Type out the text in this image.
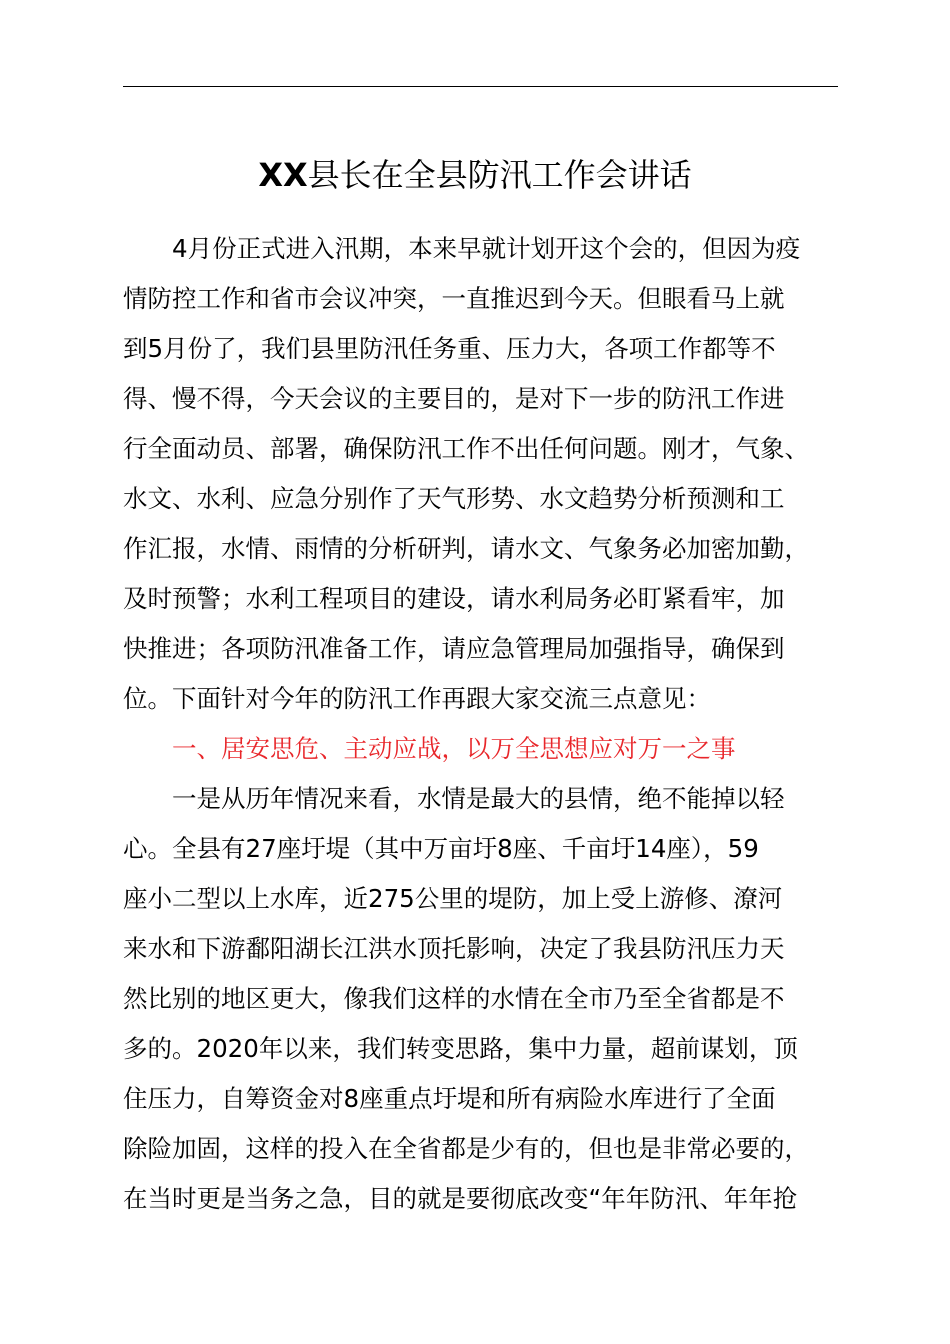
XX县长在全县防汛工作会讲话
4月份正式进入汛期，本来早就计划开这个会的，但因为疫
情防控工作和省市会议冲突，一直推迟到今天。但眼看马上就
到5月份了，我们县里防汛任务重、压力大，各项工作都等不
得、慢不得，今天会议的主要目的，是对下一步的防汛工作进
行全面动员、部署，确保防汛工作不出任何问题。刚才，气象、
水文、水利、应急分别作了天气形势、水文趋势分析预测和工
作汇报，水情、雨情的分析研判，请水文、气象务必加密加勤，
及时预警；水利工程项目的建设，请水利局务必盯紧看牢，加
快推进；各项防汛准备工作，请应急管理局加强指导，确保到
位。下面针对今年的防汛工作再跟大家交流三点意见：
一、居安思危、主动应战，以万全思想应对万一之事
一是从历年情况来看，水情是最大的县情，绝不能掉以轻
心。全县有27座圩堤（其中万亩圩8座、千亩圩14座），59
座小二型以上水库，近275公里的堤防，加上受上游修、潦河
来水和下游鄱阳湖长江洪水顶托影响，决定了我县防汛压力天
然比别的地区更大，像我们这样的水情在全市乃至全省都是不
多的。2020年以来，我们转变思路，集中力量，超前谋划，顶
住压力，自筹资金对8座重点圩堤和所有病险水库进行了全面
除险加固，这样的投入在全省都是少有的，但也是非常必要的，
在当时更是当务之急，目的就是要彻底改变“年年防汛、年年抢
